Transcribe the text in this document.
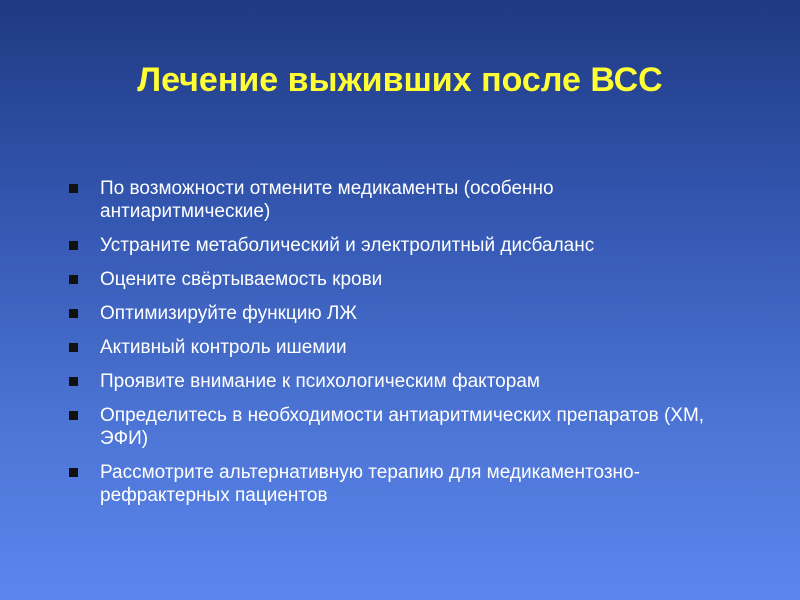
Лечение выживших после ВСС
По возможности отмените медикаменты (особенно антиаритмические)
Устраните метаболический и электролитный дисбаланс
Оцените свёртываемость крови
Оптимизируйте функцию ЛЖ
Активный контроль ишемии
Проявите внимание к психологическим факторам
Определитесь в необходимости антиаритмических препаратов (ХМ, ЭФИ)
Рассмотрите альтернативную терапию для медикаментозно-рефрактерных пациентов
